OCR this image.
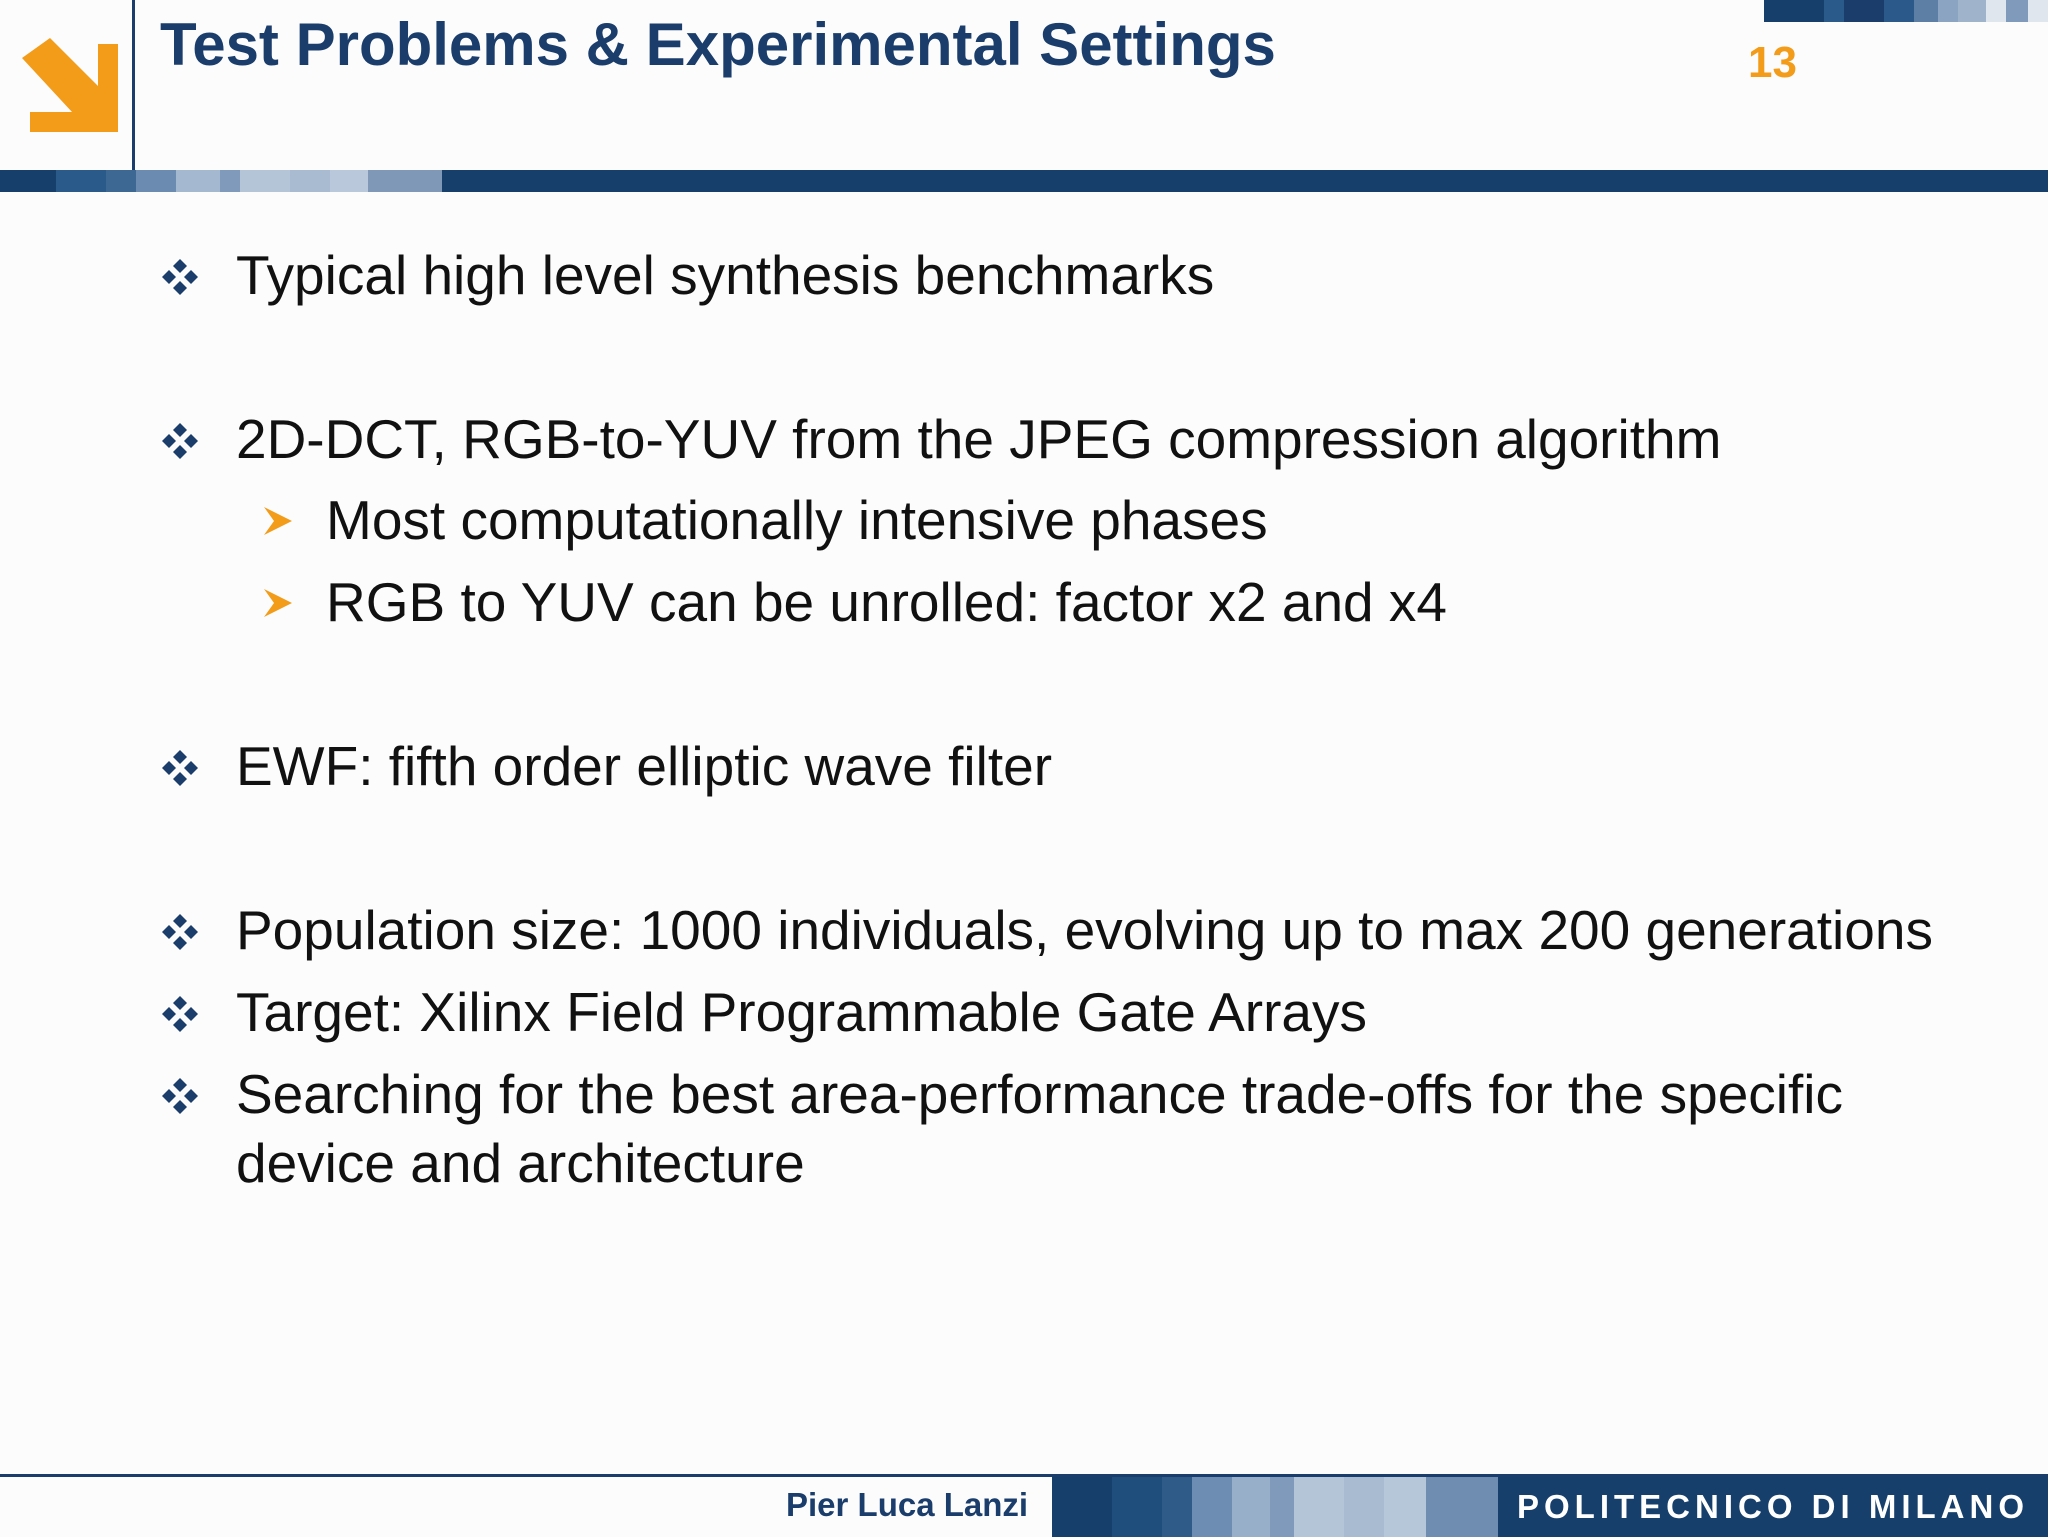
Test Problems & Experimental Settings	13
Typical high level synthesis benchmarks
2D-DCT, RGB-to-YUV from the JPEG compression algorithm
Most computationally intensive phases
RGB to YUV can be unrolled: factor x2 and x4
EWF: fifth order elliptic wave filter
Population size: 1000 individuals, evolving up to max 200 generations
Target: Xilinx Field Programmable Gate Arrays
Searching for the best area-performance trade-offs for the specific
device and architecture
Pier Luca Lanzi	POLITECNICO DI MILANO
